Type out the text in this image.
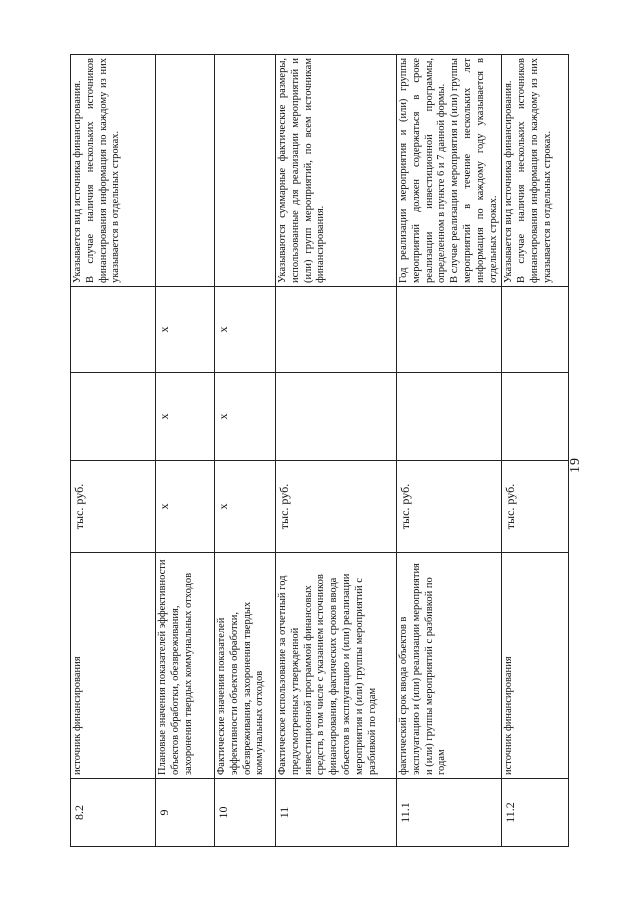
19
8.2	источник финансирования	тыс. руб.			Указывается вид источника финансирования. В случае наличия нескольких источников финансирования информация по каждому из них указывается в отдельных строках.

9	Плановые значения показателей эффективности объектов обработки, обезвреживания, захоронения твердых коммунальных отходов	х	х	х	
10	Фактические значения показателей эффективности объектов обработки, обезвреживания, захоронения твердых коммунальных отходов	х	х	х	
11	Фактическое использование за отчетный год предусмотренных утвержденной инвестиционной программой финансовых средств, в том числе с указанием источников финансирования, фактических сроков ввода объектов в эксплуатацию и (или) реализации мероприятия и (или) группы мероприятий с разбивкой по годам	тыс. руб.			Указываются суммарные фактические размеры, использованные для реализации мероприятий и (или) групп мероприятий, по всем источникам финансирования.

11.1	фактический срок ввода объектов в эксплуатацию и (или) реализации мероприятия и (или) группы мероприятий с разбивкой по годам	тыс. руб.			Год реализации мероприятия и (или) группы мероприятий должен содержаться в сроке реализации инвестиционной программы, определенном в пункте 6 и 7 данной формы. В случае реализации мероприятия и (или) группы мероприятий в течение нескольких лет информация по каждому году указывается в отдельных строках.

11.2	источник финансирования	тыс. руб.			Указывается вид источника финансирования. В случае наличия нескольких источников финансирования информация по каждому из них указывается в отдельных строках.
